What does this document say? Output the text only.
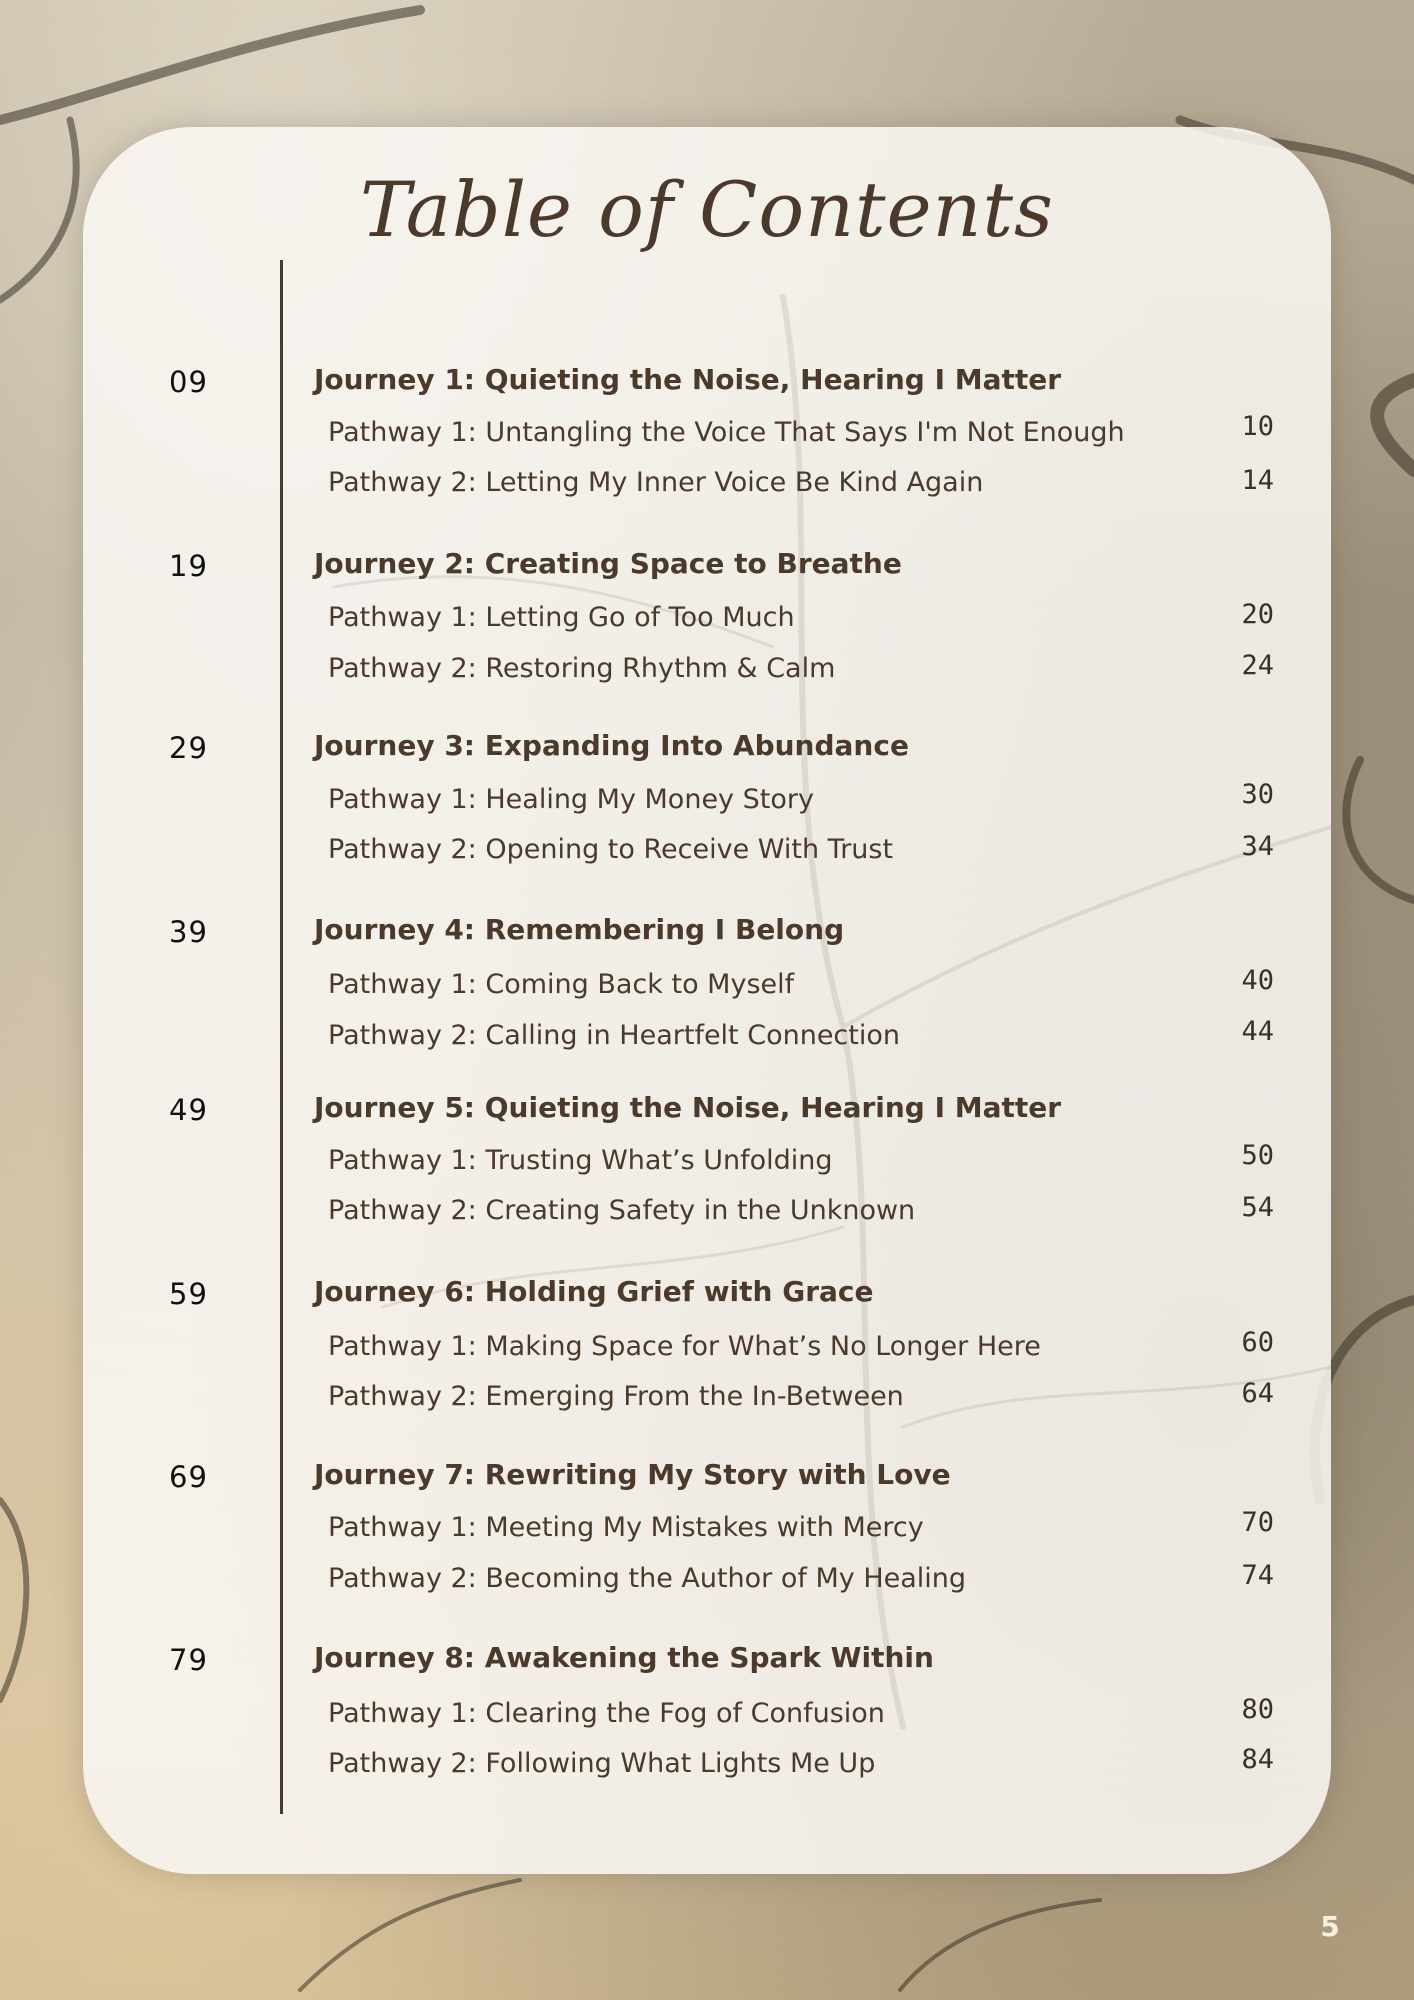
Table of Contents
09	Journey 1: Quieting the Noise, Hearing I Matter
Pathway 1: Untangling the Voice That Says I'm Not Enough	10
Pathway 2: Letting My Inner Voice Be Kind Again	14
19	Journey 2: Creating Space to Breathe
Pathway 1: Letting Go of Too Much	20
Pathway 2: Restoring Rhythm & Calm	24
29	Journey 3: Expanding Into Abundance
Pathway 1: Healing My Money Story	30
Pathway 2: Opening to Receive With Trust	34
39	Journey 4: Remembering I Belong
Pathway 1: Coming Back to Myself	40
Pathway 2: Calling in Heartfelt Connection	44
49	Journey 5: Quieting the Noise, Hearing I Matter
Pathway 1: Trusting What’s Unfolding	50
Pathway 2: Creating Safety in the Unknown	54
59	Journey 6: Holding Grief with Grace
Pathway 1: Making Space for What’s No Longer Here	60
Pathway 2: Emerging From the In-Between	64
69	Journey 7: Rewriting My Story with Love
Pathway 1: Meeting My Mistakes with Mercy	70
Pathway 2: Becoming the Author of My Healing	74
79	Journey 8: Awakening the Spark Within
Pathway 1: Clearing the Fog of Confusion	80
Pathway 2: Following What Lights Me Up	84
5
